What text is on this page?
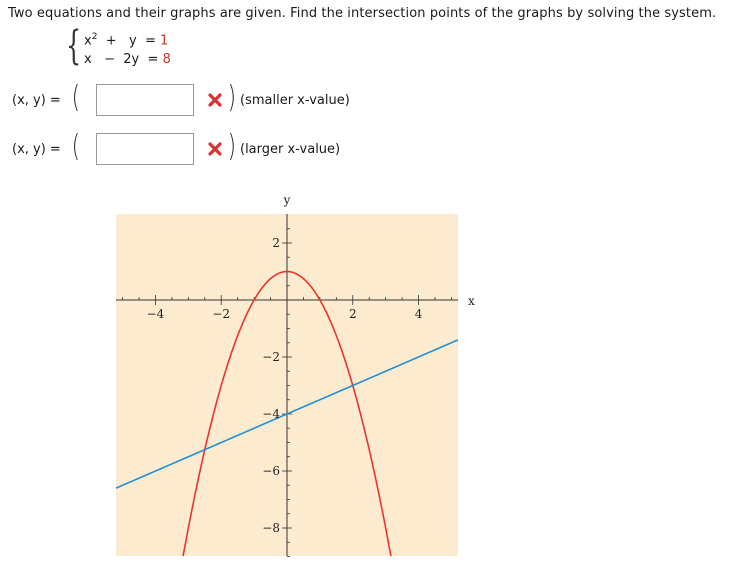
Two equations and their graphs are given. Find the intersection points of the graphs by solving the system.
{ $x^2 + y = 1$
x − 2y = 8
(x, y) = (	) (smaller x-value)
(x, y) = (	) (larger x-value)
−4	−2	2	4
2
−2
−4
−6
−8
x
y
